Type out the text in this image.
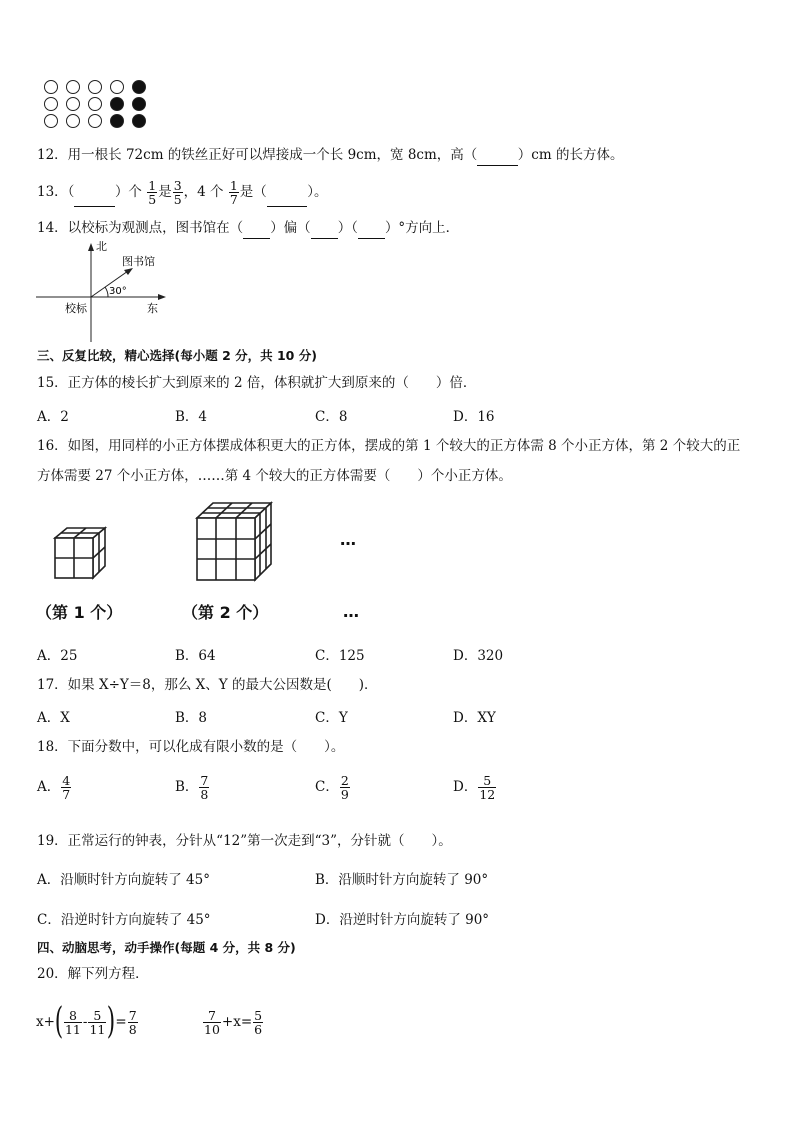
12．用一根长 72cm 的铁丝正好可以焊接成一个长 9cm，宽 8cm，高（	）cm 的长方体。
13．（	）个 $\frac{1}{5}$ 是 $\frac{3}{5}$ ，4 个 $\frac{1}{7}$ 是（	）。
14．以校标为观测点，图书馆在（ ）偏（ ）（ ）°方向上．
北
图书馆
30°
校标	东
三、反复比较，精心选择(每小题 2 分，共 10 分)
15．正方体的棱长扩大到原来的 2 倍，体积就扩大到原来的（　　）倍．
A．2	B．4	C．8	D．16
16．如图，用同样的小正方体摆成体积更大的正方体，摆成的第 1 个较大的正方体需 8 个小正方体，第 2 个较大的正
方体需要 27 个小正方体，……第 4 个较大的正方体需要（　　）个小正方体。
…
（第 1 个）	（第 2 个）	…
A．25	B．64	C．125	D．320
17．如果 X÷Y＝8，那么 X、Y 的最大公因数是(　　)．
A．X	B．8	C．Y	D．XY
18．下面分数中，可以化成有限小数的是（　　）。
A． $\frac{4}{7}$	B． $\frac{7}{8}$	C． $\frac{2}{9}$	D． $\frac{5}{12}$
19．正常运行的钟表，分针从“12”第一次走到“3”，分针就（　　）。
A．沿顺时针方向旋转了 45°	B．沿顺时针方向旋转了 90°
C．沿逆时针方向旋转了 45°	D．沿逆时针方向旋转了 90°
四、动脑思考，动手操作(每题 4 分，共 8 分)
20．解下列方程．
x+ ( $\frac{8}{11} - \frac{5}{11}$ ) = $\frac{7}{8}$	$\frac{7}{10} +x= \frac{5}{6}$
